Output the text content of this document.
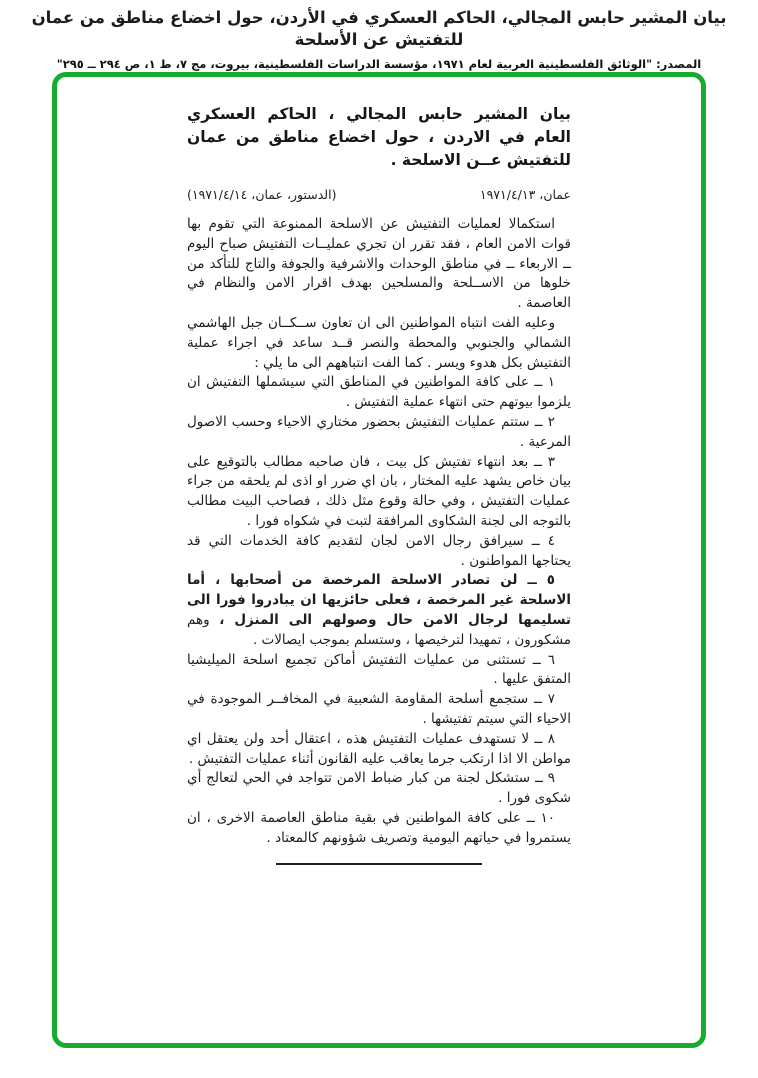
بيان المشير حابس المجالي، الحاكم العسكري في الأردن، حول اخضاع مناطق من عمان للتفتيش عن الأسلحة
المصدر: "الوثائق الفلسطينية العربية لعام ١٩٧١، مؤسسة الدراسات الفلسطينية، بيروت، مج ٧، ط ١، ص ٢٩٤ ــ ٢٩٥"
بيان المشير حابس المجالي ، الحاكم العسكري العام في الاردن ، حول اخضاع مناطق من عمان للتفتيش عــن الاسلحة .
عمان، ١٩٧١/٤/١٣
(الدستور، عمان، ١٩٧١/٤/١٤)

استكمالا لعمليات التفتيش عن الاسلحة الممنوعة التي تقوم بها قوات الامن العام ، فقد تقرر ان تجري عمليــات التفتيش صباح اليوم ــ الاربعاء ــ في مناطق الوحدات والاشرفية والجوفة والتاج للتأكد من خلوها من الاســلحة والمسلحين بهدف اقرار الامن والنظام في العاصمة .

وعليه الفت انتباه المواطنين الى ان تعاون ســكــان جبل الهاشمي الشمالي والجنوبي والمحطة والنصر قــد ساعد في اجراء عملية التفتيش بكل هدوء ويسر . كما الفت انتباههم الى ما يلي :

١ ــ على كافة المواطنين في المناطق التي سيشملها التفتيش ان يلزموا بيوتهم حتى انتهاء عملية التفتيش .

٢ ــ ستتم عمليات التفتيش بحضور مختاري الاحياء وحسب الاصول المرعية .

٣ ــ بعد انتهاء تفتيش كل بيت ، فان صاحبه مطالب بالتوقيع على بيان خاص يشهد عليه المختار ، بان اي ضرر او اذى لم يلحقه من جراء عمليات التفتيش ، وفي حالة وقوع مثل ذلك ، فصاحب البيت مطالب بالتوجه الى لجنة الشكاوى المرافقة لتبت في شكواه فورا .

٤ ــ سيرافق رجال الامن لجان لتقديم كافة الخدمات التي قد يحتاجها المواطنون .

٥ ــ لن تصادر الاسلحة المرخصة من أصحابها ، أما الاسلحة غير المرخصة ، فعلى حائزيها ان يبادروا فورا الى تسليمها لرجال الامن حال وصولهم الى المنزل ، وهم مشكورون ، تمهيدا لترخيصها ، وستسلم بموجب ايصالات .

٦ ــ تستثنى من عمليات التفتيش أماكن تجميع اسلحة الميليشيا المتفق عليها .

٧ ــ ستجمع أسلحة المقاومة الشعبية في المخافــر الموجودة في الاحياء التي سيتم تفتيشها .

٨ ــ لا تستهدف عمليات التفتيش هذه ، اعتقال أحد ولن يعتقل اي مواطن الا اذا ارتكب جرما يعاقب عليه القانون أثناء عمليات التفتيش .

٩ ــ ستشكل لجنة من كبار ضباط الامن تتواجد في الحي لتعالج أي شكوى فورا .

١٠ ــ على كافة المواطنين في بقية مناطق العاصمة الاخرى ، ان يستمروا في حياتهم اليومية وتصريف شؤونهم كالمعتاد .
